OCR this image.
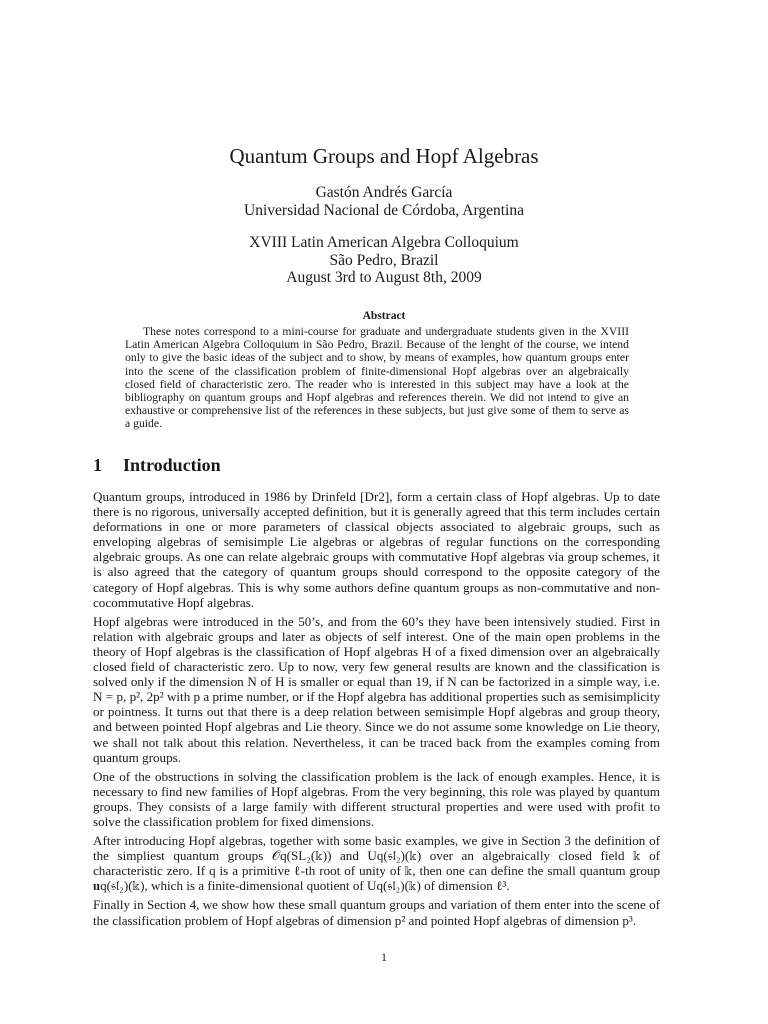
Quantum Groups and Hopf Algebras
Gastón Andrés García
Universidad Nacional de Córdoba, Argentina
XVIII Latin American Algebra Colloquium
São Pedro, Brazil
August 3rd to August 8th, 2009
Abstract
These notes correspond to a mini-course for graduate and undergraduate students given in the XVIII Latin American Algebra Colloquium in São Pedro, Brazil. Because of the lenght of the course, we intend only to give the basic ideas of the subject and to show, by means of examples, how quantum groups enter into the scene of the classification problem of finite-dimensional Hopf algebras over an algebraically closed field of characteristic zero. The reader who is interested in this subject may have a look at the bibliography on quantum groups and Hopf algebras and references therein. We did not intend to give an exhaustive or comprehensive list of the references in these subjects, but just give some of them to serve as a guide.
1 Introduction

Quantum groups, introduced in 1986 by Drinfeld [Dr2], form a certain class of Hopf algebras. Up to date there is no rigorous, universally accepted definition, but it is generally agreed that this term includes certain deformations in one or more parameters of classical objects associated to algebraic groups, such as enveloping algebras of semisimple Lie algebras or algebras of regular functions on the corresponding algebraic groups. As one can relate algebraic groups with commutative Hopf algebras via group schemes, it is also agreed that the category of quantum groups should correspond to the opposite category of the category of Hopf algebras. This is why some authors define quantum groups as non-commutative and non-cocommutative Hopf algebras.

Hopf algebras were introduced in the 50’s, and from the 60’s they have been intensively studied. First in relation with algebraic groups and later as objects of self interest. One of the main open problems in the theory of Hopf algebras is the classification of Hopf algebras H of a fixed dimension over an algebraically closed field of characteristic zero. Up to now, very few general results are known and the classification is solved only if the dimension N of H is smaller or equal than 19, if N can be factorized in a simple way, i.e. N = p, p², 2p² with p a prime number, or if the Hopf algebra has additional properties such as semisimplicity or pointness. It turns out that there is a deep relation between semisimple Hopf algebras and group theory, and between pointed Hopf algebras and Lie theory. Since we do not assume some knowledge on Lie theory, we shall not talk about this relation. Nevertheless, it can be traced back from the examples coming from quantum groups.

One of the obstructions in solving the classification problem is the lack of enough examples. Hence, it is necessary to find new families of Hopf algebras. From the very beginning, this role was played by quantum groups. They consists of a large family with different structural properties and were used with profit to solve the classification problem for fixed dimensions.

After introducing Hopf algebras, together with some basic examples, we give in Section 3 the definition of the simpliest quantum groups 𝒪q(SL₂(𝕜)) and Uq(𝔰𝔩₂)(𝕜) over an algebraically closed field 𝕜 of characteristic zero. If q is a primitive ℓ-th root of unity of 𝕜, then one can define the small quantum group 𝐮q(𝔰𝔩₂)(𝕜), which is a finite-dimensional quotient of Uq(𝔰𝔩₂)(𝕜) of dimension ℓ³.

Finally in Section 4, we show how these small quantum groups and variation of them enter into the scene of the classification problem of Hopf algebras of dimension p² and pointed Hopf algebras of dimension p³.

1
